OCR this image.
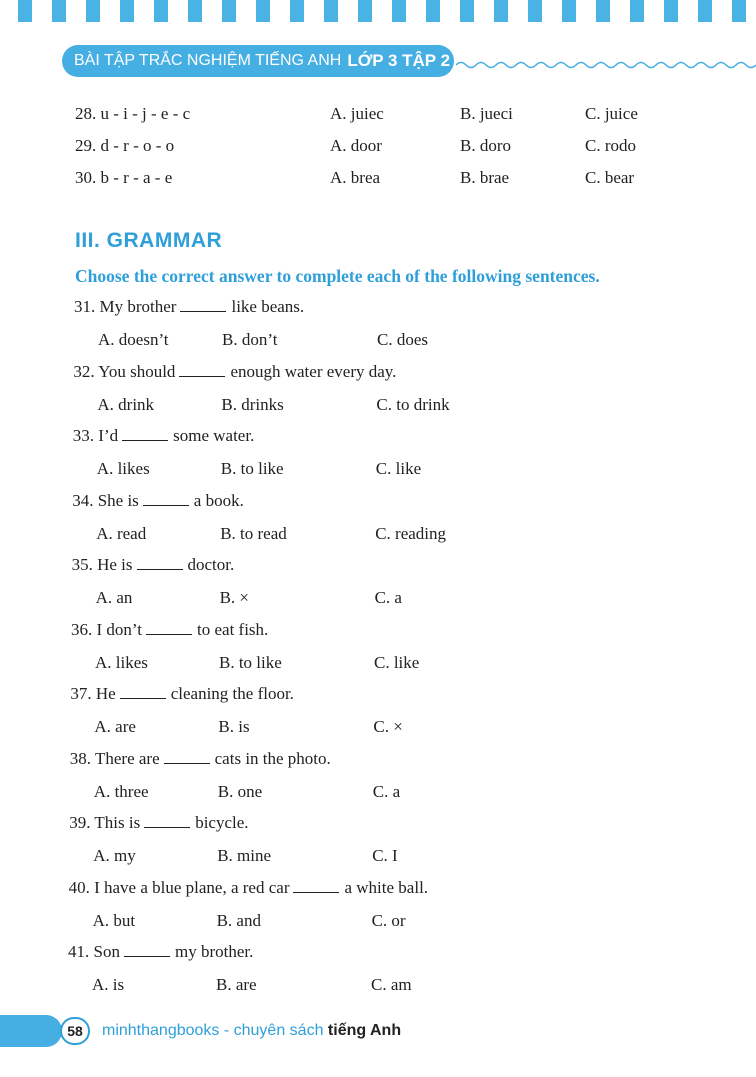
BÀI TẬP TRẮC NGHIỆM TIẾNG ANH LỚP 3 TẬP 2
28. u - i - j - e - c	A. juiec	B. jueci	C. juice
29. d - r - o - o	A. door	B. doro	C. rodo
30. b - r - a - e	A. brea	B. brae	C. bear
III. GRAMMAR
Choose the correct answer to complete each of the following sentences.
31. My brother	like beans.
A. doesn’t	B. don’t	C. does
32. You should	enough water every day.
A. drink	B. drinks	C. to drink
33. I’d	some water.
A. likes	B. to like	C. like
34. She is	a book.
A. read	B. to read	C. reading
35. He is	doctor.
A. an	B. ×	C. a
36. I don’t	to eat fish.
A. likes	B. to like	C. like
37. He	cleaning the floor.
A. are	B. is	C. ×
38. There are	cats in the photo.
A. three	B. one	C. a
39. This is	bicycle.
A. my	B. mine	C. I
40. I have a blue plane, a red car	a white ball.
A. but	B. and	C. or
41. Son	my brother.
A. is	B. are	C. am
58	minhthangbooks - chuyên sách tiếng Anh
